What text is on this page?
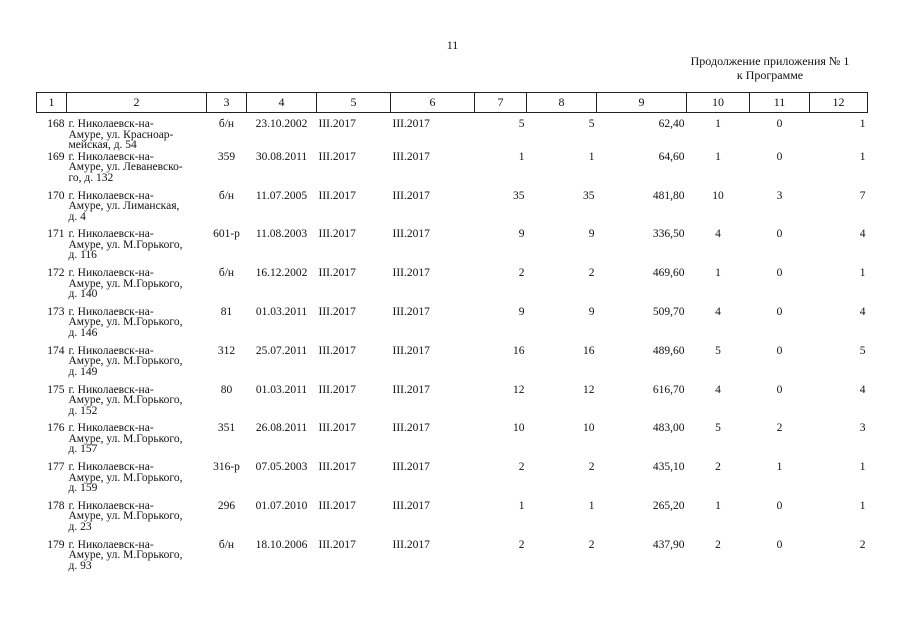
11
Продолжение приложения № 1
к Программе
1	2	3	4	5	6	7	8	9	10	11	12
168	г. Николаевск-на-
Амуре, ул. Красноар-
мейская, д. 54	б/н	23.10.2002	III.2017	III.2017	5	5	62,40	1	0	1
169	г. Николаевск-на-
Амуре, ул. Леваневско-
го, д. 132	359	30.08.2011	III.2017	III.2017	1	1	64,60	1	0	1
170	г. Николаевск-на-
Амуре, ул. Лиманская,
д. 4	б/н	11.07.2005	III.2017	III.2017	35	35	481,80	10	3	7
171	г. Николаевск-на-
Амуре, ул. М.Горького,
д. 116	601-р	11.08.2003	III.2017	III.2017	9	9	336,50	4	0	4
172	г. Николаевск-на-
Амуре, ул. М.Горького,
д. 140	б/н	16.12.2002	III.2017	III.2017	2	2	469,60	1	0	1
173	г. Николаевск-на-
Амуре, ул. М.Горького,
д. 146	81	01.03.2011	III.2017	III.2017	9	9	509,70	4	0	4
174	г. Николаевск-на-
Амуре, ул. М.Горького,
д. 149	312	25.07.2011	III.2017	III.2017	16	16	489,60	5	0	5
175	г. Николаевск-на-
Амуре, ул. М.Горького,
д. 152	80	01.03.2011	III.2017	III.2017	12	12	616,70	4	0	4
176	г. Николаевск-на-
Амуре, ул. М.Горького,
д. 157	351	26.08.2011	III.2017	III.2017	10	10	483,00	5	2	3
177	г. Николаевск-на-
Амуре, ул. М.Горького,
д. 159	316-р	07.05.2003	III.2017	III.2017	2	2	435,10	2	1	1
178	г. Николаевск-на-
Амуре, ул. М.Горького,
д. 23	296	01.07.2010	III.2017	III.2017	1	1	265,20	1	0	1
179	г. Николаевск-на-
Амуре, ул. М.Горького,
д. 93	б/н	18.10.2006	III.2017	III.2017	2	2	437,90	2	0	2
